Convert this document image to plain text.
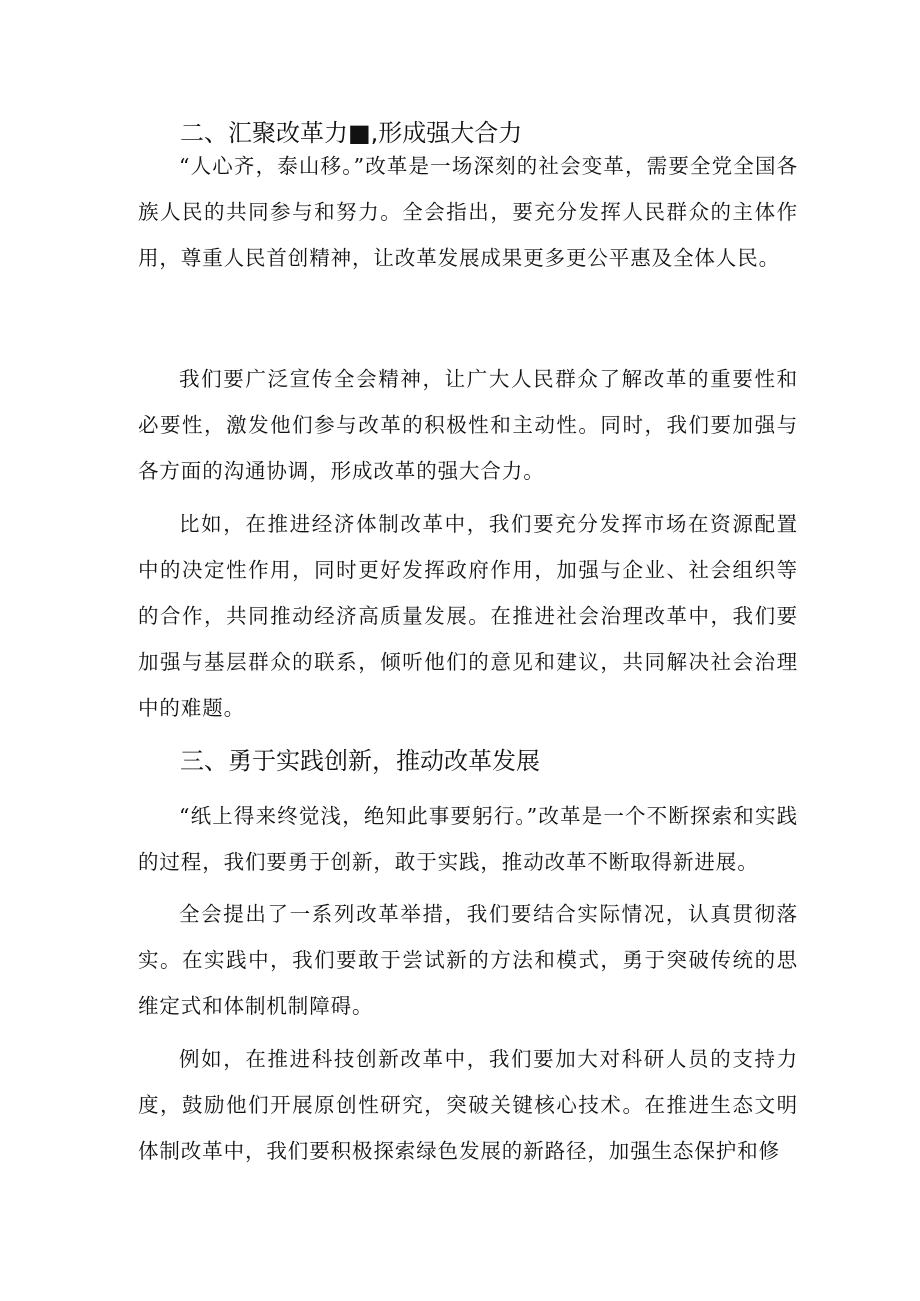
二、汇聚改革力■,形成强大合力

“人心齐，泰山移。”改革是一场深刻的社会变革，需要全党全国各族人民的共同参与和努力。全会指出，要充分发挥人民群众的主体作用，尊重人民首创精神，让改革发展成果更多更公平惠及全体人民。

我们要广泛宣传全会精神，让广大人民群众了解改革的重要性和必要性，激发他们参与改革的积极性和主动性。同时，我们要加强与各方面的沟通协调，形成改革的强大合力。

比如，在推进经济体制改革中，我们要充分发挥市场在资源配置中的决定性作用，同时更好发挥政府作用，加强与企业、社会组织等的合作，共同推动经济高质量发展。在推进社会治理改革中，我们要加强与基层群众的联系，倾听他们的意见和建议，共同解决社会治理中的难题。

三、勇于实践创新，推动改革发展

“纸上得来终觉浅，绝知此事要躬行。”改革是一个不断探索和实践的过程，我们要勇于创新，敢于实践，推动改革不断取得新进展。

全会提出了一系列改革举措，我们要结合实际情况，认真贯彻落实。在实践中，我们要敢于尝试新的方法和模式，勇于突破传统的思维定式和体制机制障碍。

例如，在推进科技创新改革中，我们要加大对科研人员的支持力度，鼓励他们开展原创性研究，突破关键核心技术。在推进生态文明体制改革中，我们要积极探索绿色发展的新路径，加强生态保护和修
